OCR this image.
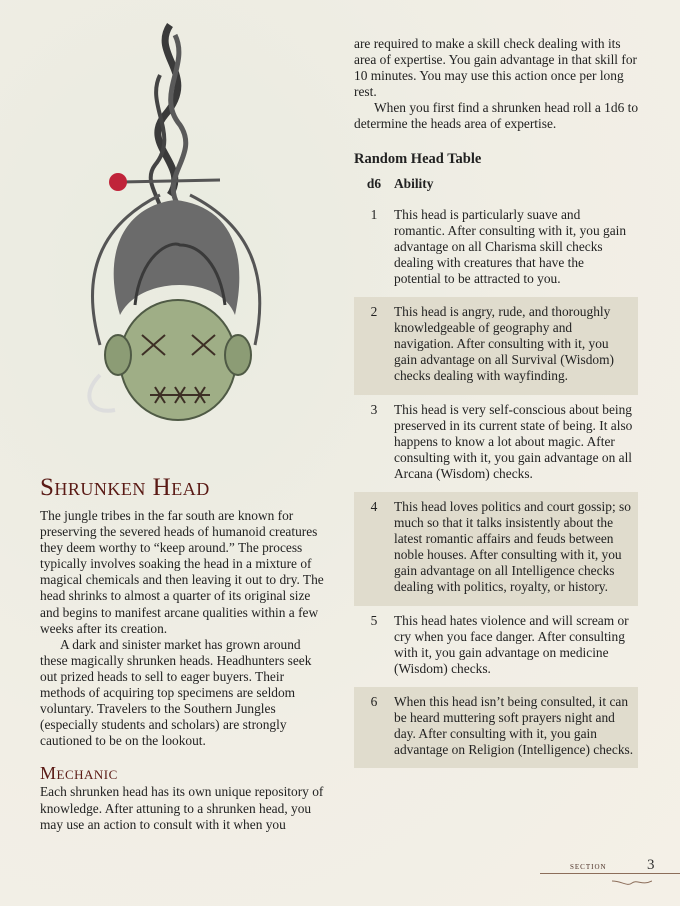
Shrunken Head

The jungle tribes in the far south are known for preserving the severed heads of humanoid creatures they deem worthy to “keep around.” The process typically involves soaking the head in a mixture of magical chemicals and then leaving it out to dry. The head shrinks to almost a quarter of its original size and begins to manifest arcane qualities within a few weeks after its creation.

A dark and sinister market has grown around these magically shrunken heads. Headhunters seek out prized heads to sell to eager buyers. Their methods of acquiring top specimens are seldom voluntary. Travelers to the Southern Jungles (especially students and scholars) are strongly cautioned to be on the lookout.

Mechanic

Each shrunken head has its own unique repository of knowledge. After attuning to a shrunken head, you may use an action to consult with it when you

are required to make a skill check dealing with its area of expertise. You gain advantage in that skill for 10 minutes. You may use this action once per long rest.

When you first find a shrunken head roll a 1d6 to determine the heads area of expertise.

Random Head Table
d6 Ability
1	This head is particularly suave and romantic. After consulting with it, you gain advantage on all Charisma skill checks dealing with creatures that have the potential to be attracted to you.
2	This head is angry, rude, and thoroughly knowledgeable of geography and navigation. After consulting with it, you gain advantage on all Survival (Wisdom) checks dealing with wayfinding.
3	This head is very self-conscious about being preserved in its current state of being. It also happens to know a lot about magic. After consulting with it, you gain advantage on all Arcana (Wisdom) checks.
4	This head loves politics and court gossip; so much so that it talks insistently about the latest romantic affairs and feuds between noble houses. After consulting with it, you gain advantage on all Intelligence checks dealing with politics, royalty, or history.
5	This head hates violence and will scream or cry when you face danger. After consulting with it, you gain advantage on medicine (Wisdom) checks.
6	When this head isn’t being consulted, it can be heard muttering soft prayers night and day. After consulting with it, you gain advantage on Religion (Intelligence) checks.
section	3
